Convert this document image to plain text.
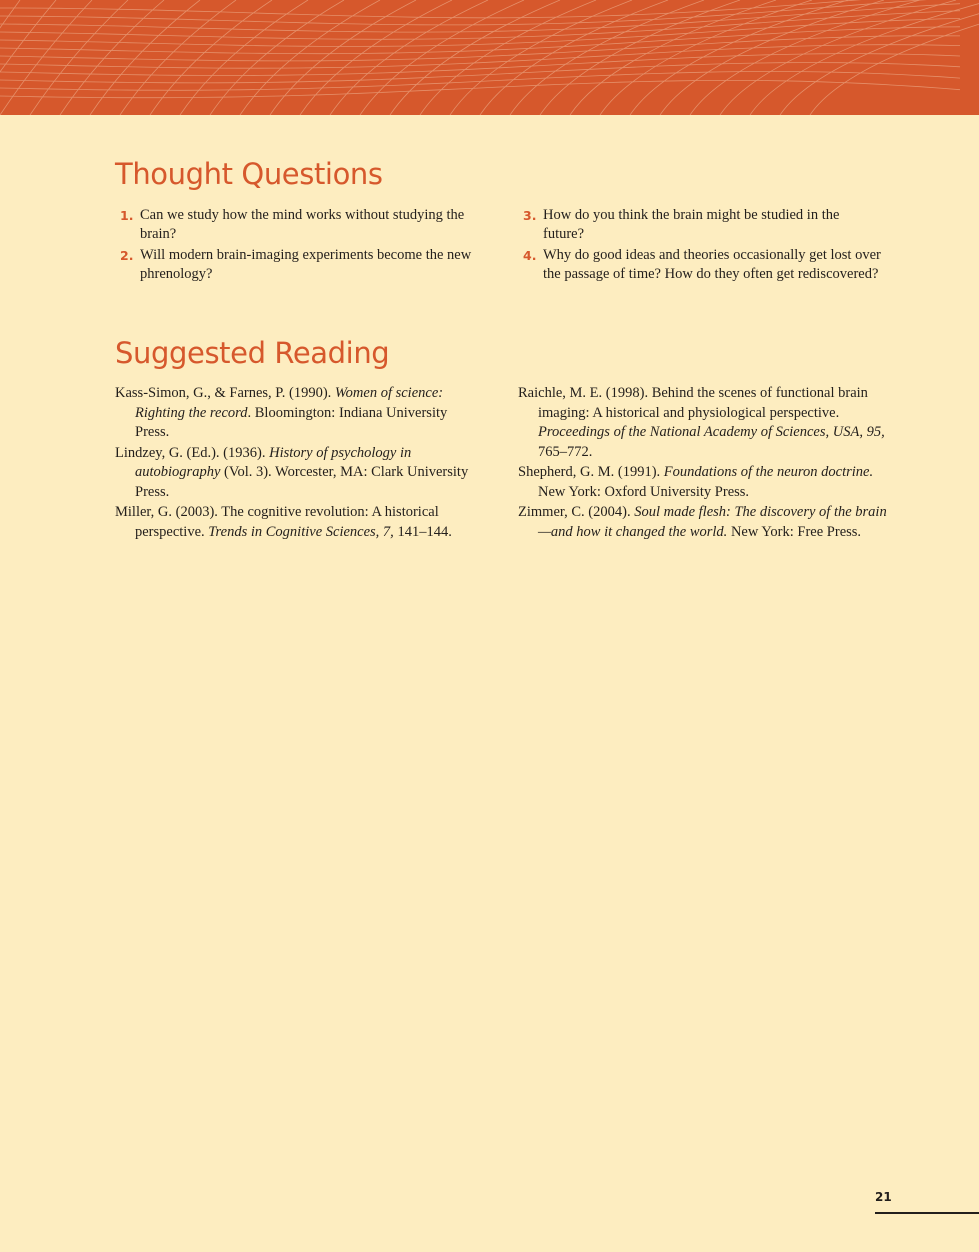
Thought Questions
1. Can we study how the mind works without studying the brain?
2. Will modern brain-imaging experiments become the new phrenology?
3. How do you think the brain might be studied in the future?
4. Why do good ideas and theories occasionally get lost over the passage of time? How do they often get rediscovered?
Suggested Reading
Kass-Simon, G., & Farnes, P. (1990). Women of science: Righting the record. Bloomington: Indiana University Press.
Lindzey, G. (Ed.). (1936). History of psychology in autobiography (Vol. 3). Worcester, MA: Clark University Press.
Miller, G. (2003). The cognitive revolution: A historical perspective. Trends in Cognitive Sciences, 7, 141–144.
Raichle, M. E. (1998). Behind the scenes of functional brain imaging: A historical and physiological perspective. Proceedings of the National Academy of Sciences, USA, 95, 765–772.
Shepherd, G. M. (1991). Foundations of the neuron doctrine. New York: Oxford University Press.
Zimmer, C. (2004). Soul made flesh: The discovery of the brain—and how it changed the world. New York: Free Press.
21
